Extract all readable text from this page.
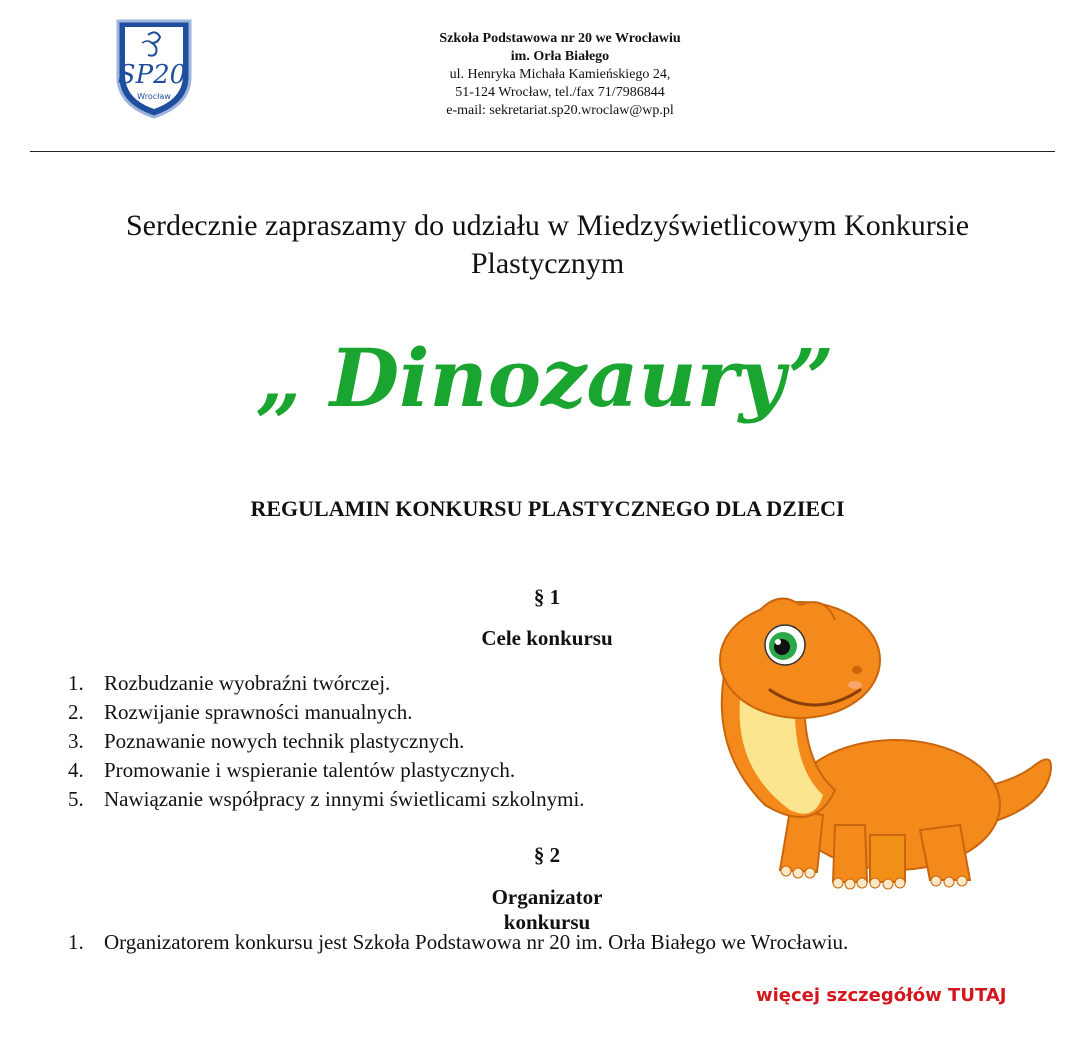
SP20
Wrocław
Szkoła Podstawowa nr 20 we Wrocławiu
im. Orła Białego
ul. Henryka Michała Kamieńskiego 24,
51-124 Wrocław, tel./fax 71/7986844
e-mail: sekretariat.sp20.wroclaw@wp.pl
Serdecznie zapraszamy do udziału w Miedzyświetlicowym Konkursie
Plastycznym
„ Dinozaury”
REGULAMIN KONKURSU PLASTYCZNEGO DLA DZIECI
§ 1
Cele konkursu
1. Rozbudzanie wyobraźni twórczej.
2. Rozwijanie sprawności manualnych.
3. Poznawanie nowych technik plastycznych.
4. Promowanie i wspieranie talentów plastycznych.
5. Nawiązanie współpracy z innymi świetlicami szkolnymi.
§ 2
Organizator konkursu
1. Organizatorem konkursu jest Szkoła Podstawowa nr 20 im. Orła Białego we Wrocławiu.
więcej szczegółów TUTAJ
